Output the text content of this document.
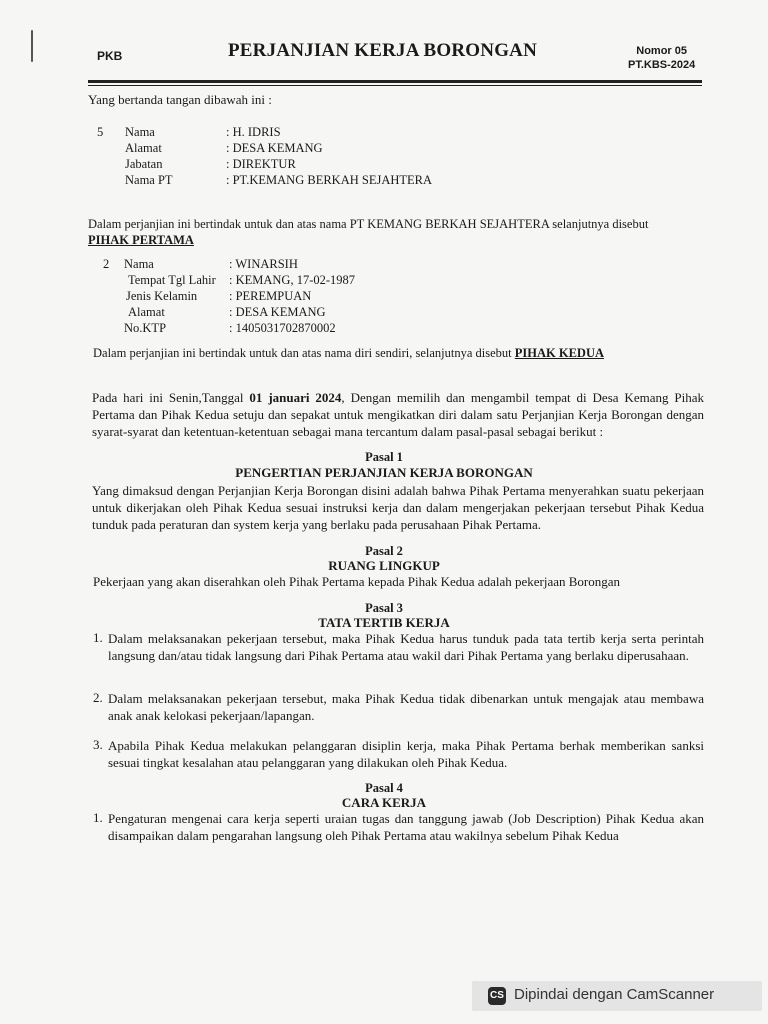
PKB	PERJANJIAN KERJA BORONGAN	Nomor 05
PT.KBS-2024
Yang bertanda tangan dibawah ini :
5 Nama	: H. IDRIS
Alamat	: DESA KEMANG
Jabatan	: DIREKTUR
Nama PT	: PT.KEMANG BERKAH SEJAHTERA
Dalam perjanjian ini bertindak untuk dan atas nama PT KEMANG BERKAH SEJAHTERA selanjutnya disebut
PIHAK PERTAMA
2 Nama	: WINARSIH
Tempat Tgl Lahir : KEMANG, 17-02-1987
Jenis Kelamin	: PEREMPUAN
Alamat	: DESA KEMANG
No.KTP	: 1405031702870002
Dalam perjanjian ini bertindak untuk dan atas nama diri sendiri, selanjutnya disebut PIHAK KEDUA
Pada hari ini Senin,Tanggal 01 januari 2024, Dengan memilih dan mengambil tempat di Desa Kemang Pihak Pertama dan Pihak Kedua setuju dan sepakat untuk mengikatkan diri dalam satu Perjanjian Kerja Borongan dengan syarat-syarat dan ketentuan-ketentuan sebagai mana tercantum dalam pasal-pasal sebagai berikut :
Pasal 1
PENGERTIAN PERJANJIAN KERJA BORONGAN
Yang dimaksud dengan Perjanjian Kerja Borongan disini adalah bahwa Pihak Pertama menyerahkan suatu pekerjaan untuk dikerjakan oleh Pihak Kedua sesuai instruksi kerja dan dalam mengerjakan pekerjaan tersebut Pihak Kedua tunduk pada peraturan dan system kerja yang berlaku pada perusahaan Pihak Pertama.
Pasal 2
RUANG LINGKUP
Pekerjaan yang akan diserahkan oleh Pihak Pertama kepada Pihak Kedua adalah pekerjaan Borongan
Pasal 3
TATA TERTIB KERJA
1. Dalam melaksanakan pekerjaan tersebut, maka Pihak Kedua harus tunduk pada tata tertib kerja serta perintah langsung dan/atau tidak langsung dari Pihak Pertama atau wakil dari Pihak Pertama yang berlaku diperusahaan.
2. Dalam melaksanakan pekerjaan tersebut, maka Pihak Kedua tidak dibenarkan untuk mengajak atau membawa anak anak kelokasi pekerjaan/lapangan.
3. Apabila Pihak Kedua melakukan pelanggaran disiplin kerja, maka Pihak Pertama berhak memberikan sanksi sesuai tingkat kesalahan atau pelanggaran yang dilakukan oleh Pihak Kedua.
Pasal 4
CARA KERJA
1. Pengaturan mengenai cara kerja seperti uraian tugas dan tanggung jawab (Job Description) Pihak Kedua akan disampaikan dalam pengarahan langsung oleh Pihak Pertama atau wakilnya sebelum Pihak Kedua
CS Dipindai dengan CamScanner
